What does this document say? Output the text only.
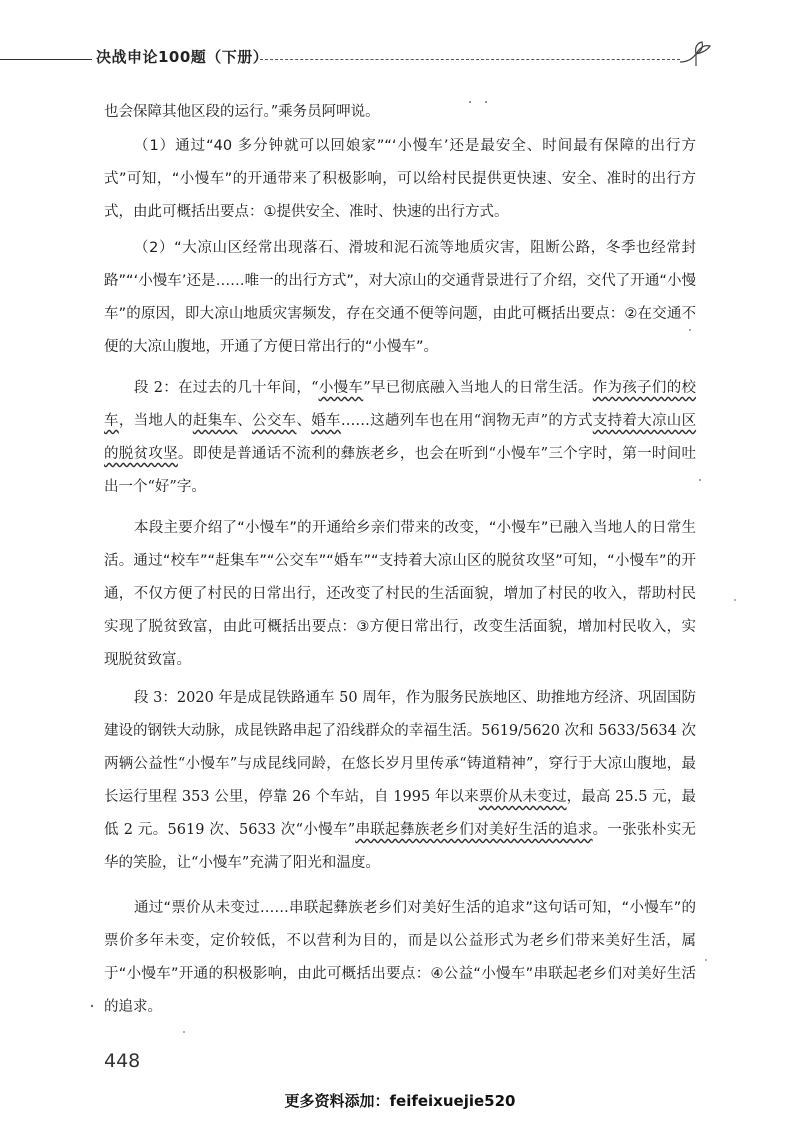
决战申论100题（下册）

也会保障其他区段的运行。”乘务员阿呷说。

（1）通过“40 多分钟就可以回娘家”“‘小慢车’还是最安全、时间最有保障的出行方式”可知，“小慢车”的开通带来了积极影响，可以给村民提供更快速、安全、准时的出行方式，由此可概括出要点：①提供安全、准时、快速的出行方式。

（2）“大凉山区经常出现落石、滑坡和泥石流等地质灾害，阻断公路，冬季也经常封路”“‘小慢车’还是……唯一的出行方式”，对大凉山的交通背景进行了介绍，交代了开通“小慢车”的原因，即大凉山地质灾害频发，存在交通不便等问题，由此可概括出要点：②在交通不便的大凉山腹地，开通了方便日常出行的“小慢车”。

段 2：在过去的几十年间，“小慢车”早已彻底融入当地人的日常生活。作为孩子们的校车，当地人的赶集车、公交车、婚车……这趟列车也在用“润物无声”的方式支持着大凉山区的脱贫攻坚。即使是普通话不流利的彝族老乡，也会在听到“小慢车”三个字时，第一时间吐出一个“好”字。

本段主要介绍了“小慢车”的开通给乡亲们带来的改变，“小慢车”已融入当地人的日常生活。通过“校车”“赶集车”“公交车”“婚车”“支持着大凉山区的脱贫攻坚”可知，“小慢车”的开通，不仅方便了村民的日常出行，还改变了村民的生活面貌，增加了村民的收入，帮助村民实现了脱贫致富，由此可概括出要点：③方便日常出行，改变生活面貌，增加村民收入，实现脱贫致富。

段 3：2020 年是成昆铁路通车 50 周年，作为服务民族地区、助推地方经济、巩固国防建设的钢铁大动脉，成昆铁路串起了沿线群众的幸福生活。5619/5620 次和 5633/5634 次两辆公益性“小慢车”与成昆线同龄，在悠长岁月里传承“铸道精神”，穿行于大凉山腹地，最长运行里程 353 公里，停靠 26 个车站，自 1995 年以来票价从未变过，最高 25.5 元，最低 2 元。5619 次、5633 次“小慢车”串联起彝族老乡们对美好生活的追求。一张张朴实无华的笑脸，让“小慢车”充满了阳光和温度。

通过“票价从未变过……串联起彝族老乡们对美好生活的追求”这句话可知，“小慢车”的票价多年未变，定价较低，不以营利为目的，而是以公益形式为老乡们带来美好生活，属于“小慢车”开通的积极影响，由此可概括出要点：④公益“小慢车”串联起老乡们对美好生活的追求。

448
更多资料添加：feifeixuejie520
